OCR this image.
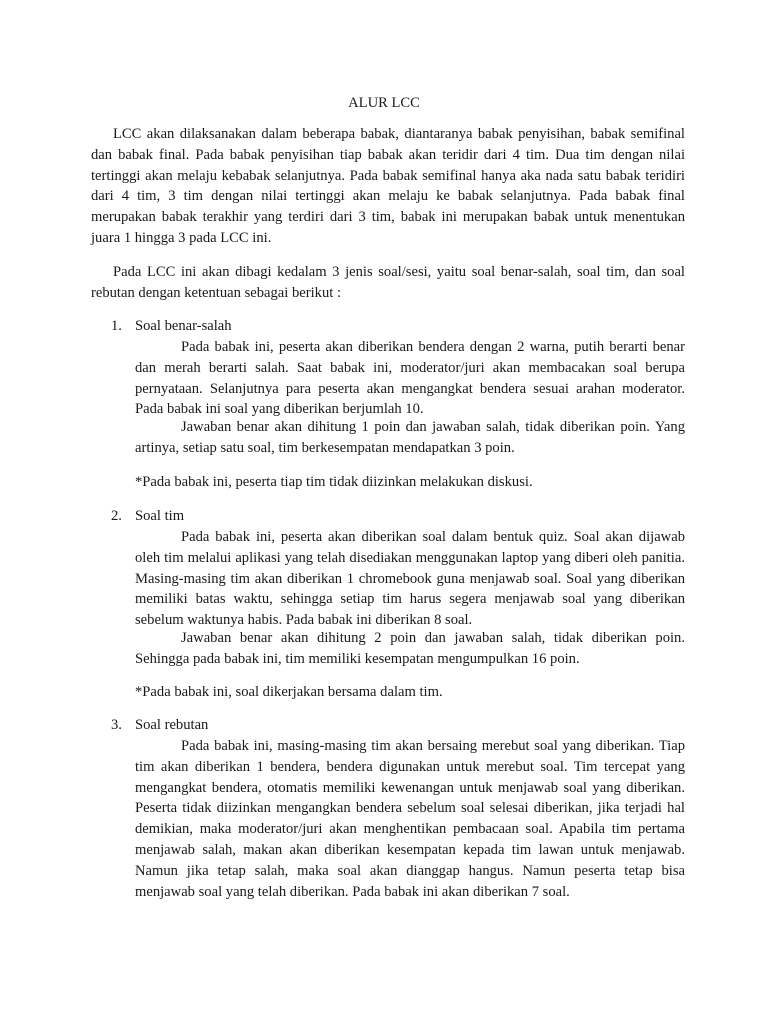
ALUR LCC

LCC akan dilaksanakan dalam beberapa babak, diantaranya babak penyisihan, babak semifinal dan babak final. Pada babak penyisihan tiap babak akan teridir dari 4 tim. Dua tim dengan nilai tertinggi akan melaju kebabak selanjutnya. Pada babak semifinal hanya aka nada satu babak teridiri dari 4 tim, 3 tim dengan nilai tertinggi akan melaju ke babak selanjutnya. Pada babak final merupakan babak terakhir yang terdiri dari 3 tim, babak ini merupakan babak untuk menentukan juara 1 hingga 3 pada LCC ini.

Pada LCC ini akan dibagi kedalam 3 jenis soal/sesi, yaitu soal benar-salah, soal tim, dan soal rebutan dengan ketentuan sebagai berikut :

1. Soal benar-salah

Pada babak ini, peserta akan diberikan bendera dengan 2 warna, putih berarti benar dan merah berarti salah. Saat babak ini, moderator/juri akan membacakan soal berupa pernyataan. Selanjutnya para peserta akan mengangkat bendera sesuai arahan moderator. Pada babak ini soal yang diberikan berjumlah 10.

Jawaban benar akan dihitung 1 poin dan jawaban salah, tidak diberikan poin. Yang artinya, setiap satu soal, tim berkesempatan mendapatkan 3 poin.

*Pada babak ini, peserta tiap tim tidak diizinkan melakukan diskusi.

2. Soal tim

Pada babak ini, peserta akan diberikan soal dalam bentuk quiz. Soal akan dijawab oleh tim melalui aplikasi yang telah disediakan menggunakan laptop yang diberi oleh panitia. Masing-masing tim akan diberikan 1 chromebook guna menjawab soal. Soal yang diberikan memiliki batas waktu, sehingga setiap tim harus segera menjawab soal yang diberikan sebelum waktunya habis. Pada babak ini diberikan 8 soal.

Jawaban benar akan dihitung 2 poin dan jawaban salah, tidak diberikan poin. Sehingga pada babak ini, tim memiliki kesempatan mengumpulkan 16 poin.

*Pada babak ini, soal dikerjakan bersama dalam tim.

3. Soal rebutan

Pada babak ini, masing-masing tim akan bersaing merebut soal yang diberikan. Tiap tim akan diberikan 1 bendera, bendera digunakan untuk merebut soal. Tim tercepat yang mengangkat bendera, otomatis memiliki kewenangan untuk menjawab soal yang diberikan. Peserta tidak diizinkan mengangkan bendera sebelum soal selesai diberikan, jika terjadi hal demikian, maka moderator/juri akan menghentikan pembacaan soal. Apabila tim pertama menjawab salah, makan akan diberikan kesempatan kepada tim lawan untuk menjawab. Namun jika tetap salah, maka soal akan dianggap hangus. Namun peserta tetap bisa menjawab soal yang telah diberikan. Pada babak ini akan diberikan 7 soal.
